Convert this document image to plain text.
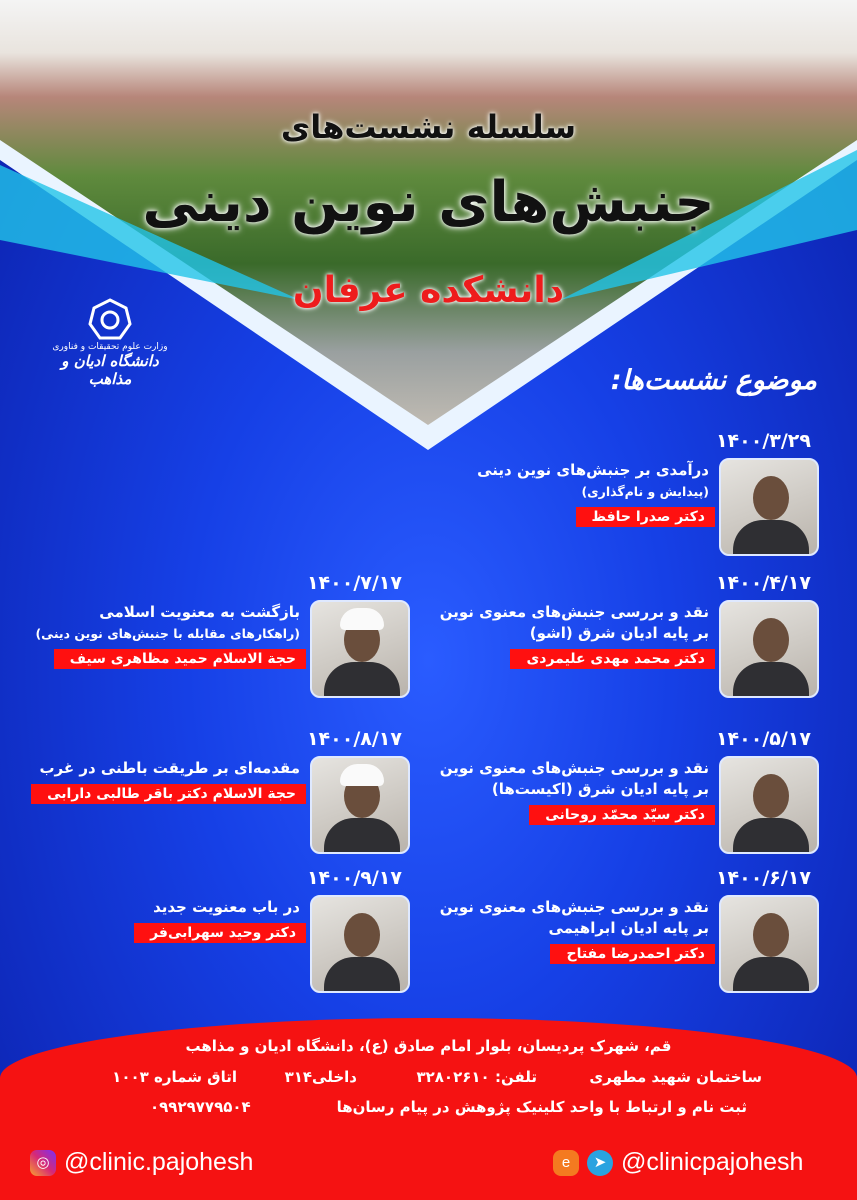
سلسله نشست‌های
جنبش‌های نوین دینی
دانشکده عرفان
وزارت علوم تحقیقات و فناوری
دانشگاه ادیان و مذاهب	موضوع نشست‌ها:
۱۴۰۰/۳/۲۹
درآمدی بر جنبش‌های نوین دینی
(پیدایش و نام‌گذاری)
دکتر صدرا حافظ
۱۴۰۰/۴/۱۷
نقد و بررسی جنبش‌های معنوی نوین بر پایه ادیان شرق (اشو)
دکتر محمد مهدی علیمردی
۱۴۰۰/۵/۱۷
نقد و بررسی جنبش‌های معنوی نوین بر پایه ادیان شرق (اکیست‌ها)
دکتر سیّد محمّد روحانی
۱۴۰۰/۶/۱۷
نقد و بررسی جنبش‌های معنوی نوین بر پایه ادیان ابراهیمی
دکتر احمدرضا مفتاح
۱۴۰۰/۷/۱۷
بازگشت به معنویت اسلامی
(راهکارهای مقابله با جنبش‌های نوین دینی)
حجة الاسلام حمید مظاهری سیف
۱۴۰۰/۸/۱۷
مقدمه‌ای بر طریقت باطنی در غرب
حجة الاسلام دکتر باقر طالبی دارابی
۱۴۰۰/۹/۱۷
در باب معنویت جدید
دکتر وحید سهرابی‌فر
قم، شهرک پردیسان، بلوار امام صادق (ع)، دانشگاه ادیان و مذاهب
ساختمان شهید مطهری
تلفن: ۳۲۸۰۲۶۱۰
داخلی۳۱۴
اتاق شماره ۱۰۰۳
ثبت نام و ارتباط با واحد کلینیک پژوهش در پیام رسان‌ها
۰۹۹۲۹۷۷۹۵۰۴
◎ @clinic.pajohesh	e	➤ @clinicpajohesh
